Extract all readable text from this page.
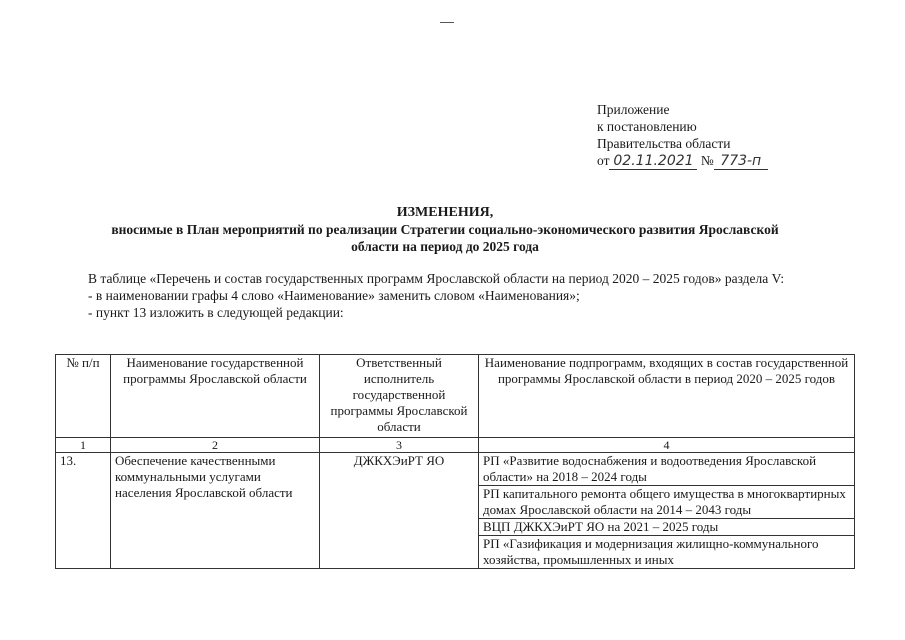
Приложение
к постановлению
Правительства области
от 02.11.2021 № 773-п
ИЗМЕНЕНИЯ,
вносимые в План мероприятий по реализации Стратегии социально-экономического развития Ярославской
области на период до 2025 года

В таблице «Перечень и состав государственных программ Ярославской области на период 2020 – 2025 годов» раздела V:

- в наименовании графы 4 слово «Наименование» заменить словом «Наименования»;

- пункт 13 изложить в следующей редакции:

№ п/п	Наименование государственной программы Ярославской области	Ответственный исполнитель государственной программы Ярославской области	Наименование подпрограмм, входящих в состав государственной программы Ярославской области в период 2020 – 2025 годов
1	2	3	4
13.	Обеспечение качественными коммунальными услугами населения Ярославской области	ДЖКХЭиРТ ЯО	РП «Развитие водоснабжения и водоотведения Ярославской области» на 2018 – 2024 годы
			РП капитального ремонта общего имущества в многоквартирных домах Ярославской области на 2014 – 2043 годы
			ВЦП ДЖКХЭиРТ ЯО на 2021 – 2025 годы
			РП «Газификация и модернизация жилищно-коммунального хозяйства, промышленных и иных
